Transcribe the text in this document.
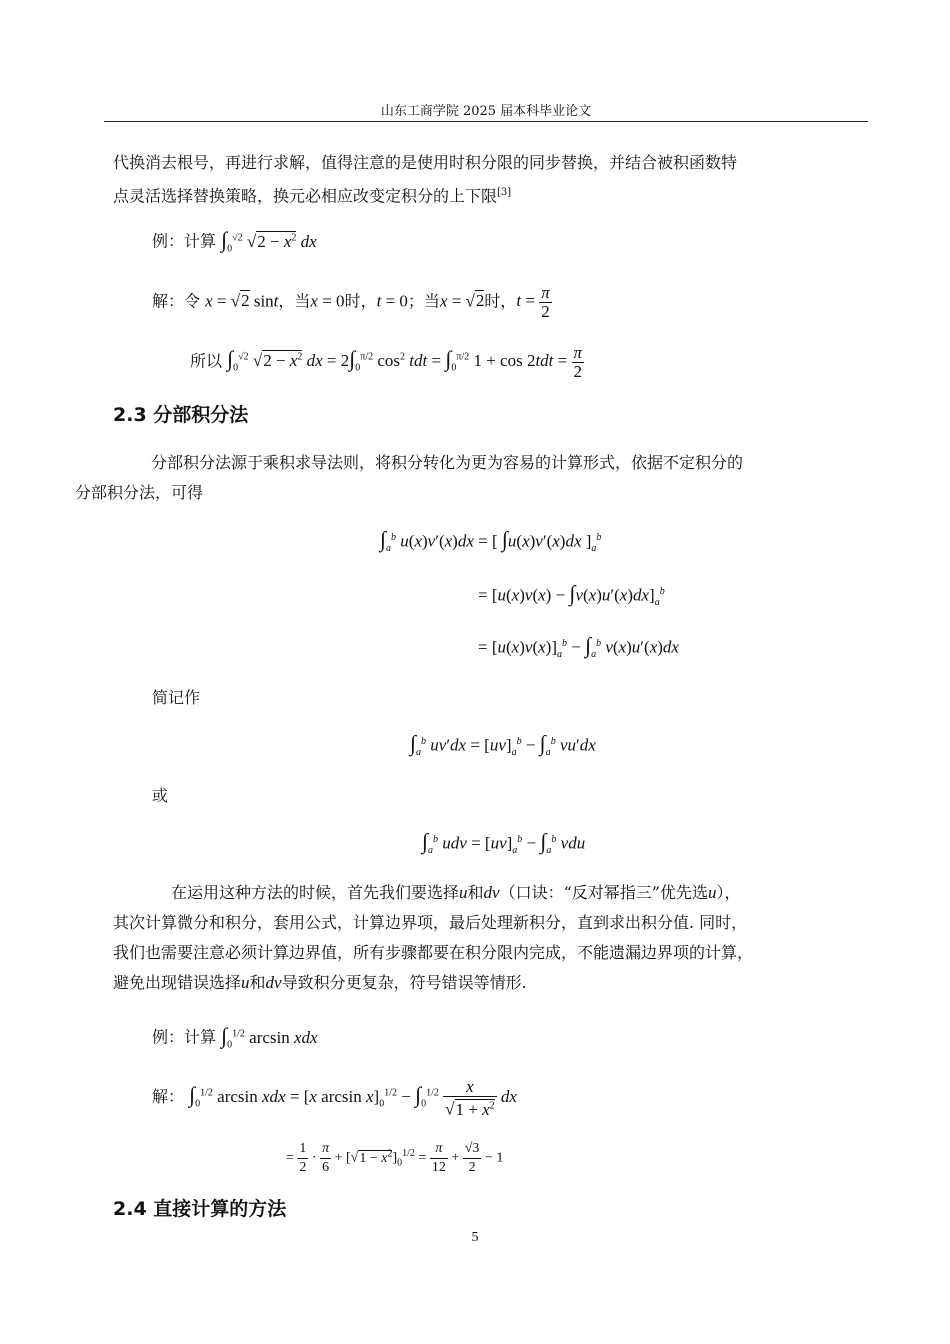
山东工商学院 2025 届本科毕业论文

代换消去根号，再进行求解，值得注意的是使用时积分限的同步替换，并结合被积函数特
点灵活选择替换策略，换元必相应改变定积分的上下限[3]

例：计算 $\int_0^{√2}$ $√2 - x^2$ dx
解：令 x = √2 sint，当x = 0时，t = 0；当x = √2时，$t = \frac{\pi}{2}$
所以 $\int_0^{√2}$ $√2 - x^2$ dx = $2\int_0^{\pi/2}$ $\cos^2$ tdt = $\int_0^{\pi/2}$ $1 + \cos 2tdt = \frac{\pi}{2}$
2.3 分部积分法

分部积分法源于乘积求导法则，将积分转化为更为容易的计算形式，依据不定积分的
分部积分法，可得

$\int_a^b$ u(x)v′(x)dx = [ ∫u(x)v′(x)dx ]$_a^b$
= $[u(x)v(x) - \int v(x)u'(x)dx]_a^b$
= $[u(x)v(x)]_a^b - \int_a^b$ v(x)u′(x)dx
简记作
$\int_a^b$ $uv'dx = [uv]_a^b - \int_a^b$ vu′dx
或
$\int_a^b$ udv = $[uv]_a^b - \int_a^b$ vdu

在运用这种方法的时候，首先我们要选择u和dv（口诀：“反对幂指三”优先选u），
其次计算微分和积分，套用公式，计算边界项，最后处理新积分，直到求出积分值. 同时，
我们也需要注意必须计算边界值，所有步骤都要在积分限内完成，不能遗漏边界项的计算，
避免出现错误选择u和dv导致积分更复杂，符号错误等情形.

例：计算 $\int_0^{1/2}$ arcsin xdx
解： $\int_0^{1/2}$ arcsin xdx = [x $\arcsin x]_0^{1/2} - \int_0^{1/2} \frac{x}{√1 + x^2}$ dx
= $\frac{1}{2} \cdot \frac{\pi}{6} + [√1 - x^2]_0^{1/2} = \frac{\pi}{12} + \frac{√3}{2} - 1$
2.4 直接计算的方法
5
